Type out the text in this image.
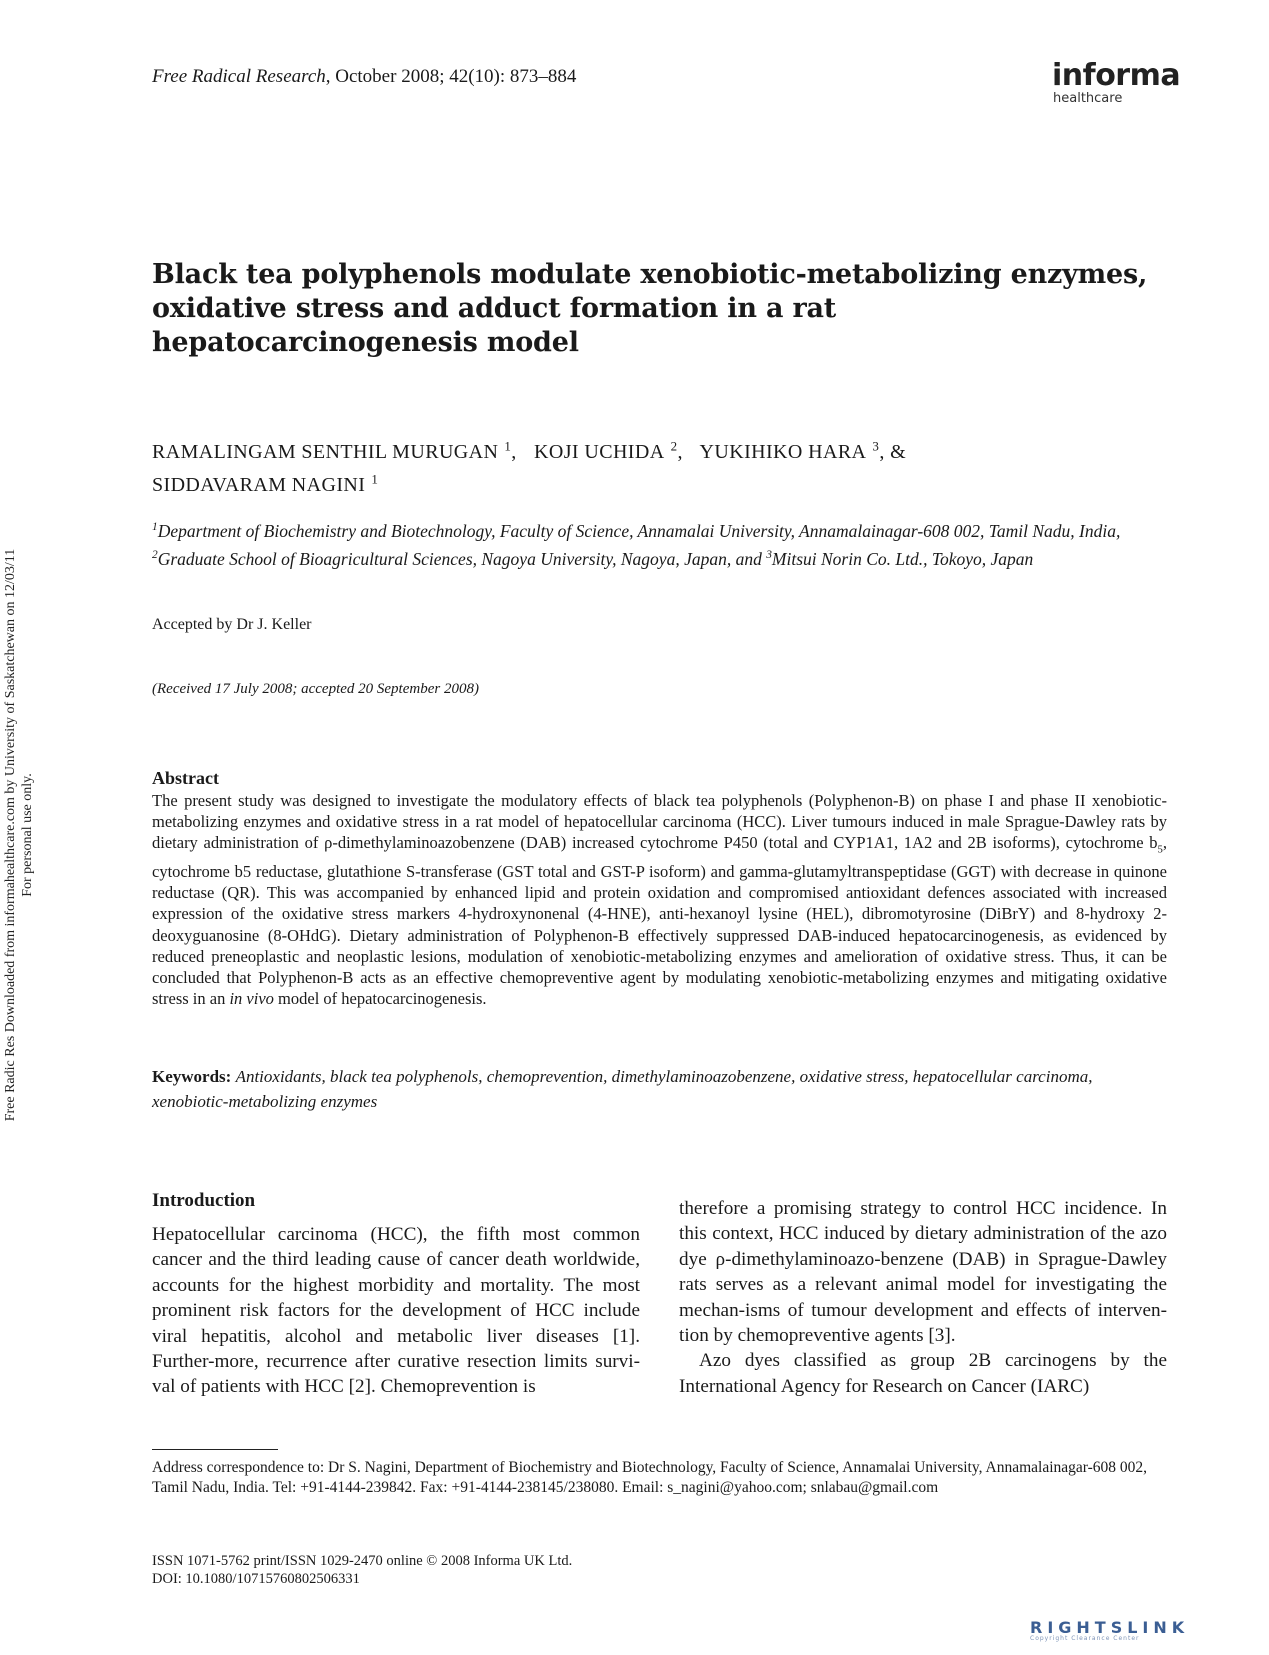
Free Radical Research, October 2008; 42(10): 873–884	informa
healthcare
Black tea polyphenols modulate xenobiotic-metabolizing enzymes, oxidative stress and adduct formation in a rat hepatocarcinogenesis model
RAMALINGAM SENTHIL MURUGAN $^1$, KOJI UCHIDA $^2$, YUKIHIKO HARA $^3$, &
SIDDAVARAM NAGINI $^1$
$^1$Department of Biochemistry and Biotechnology, Faculty of Science, Annamalai University, Annamalainagar-608 002, Tamil Nadu, India, $^2$Graduate School of Bioagricultural Sciences, Nagoya University, Nagoya, Japan, and $^3$Mitsui Norin Co. Ltd., Tokoyo, Japan
Accepted by Dr J. Keller
(Received 17 July 2008; accepted 20 September 2008)
Abstract
The present study was designed to investigate the modulatory effects of black tea polyphenols (Polyphenon-B) on phase I and phase II xenobiotic-metabolizing enzymes and oxidative stress in a rat model of hepatocellular carcinoma (HCC). Liver tumours induced in male Sprague-Dawley rats by dietary administration of ρ-dimethylaminoazobenzene (DAB) increased cytochrome P450 (total and CYP1A1, 1A2 and 2B isoforms), cytochrome $b_5$, cytochrome b5 reductase, glutathione S-transferase (GST total and GST-P isoform) and gamma-glutamyltranspeptidase (GGT) with decrease in quinone reductase (QR). This was accompanied by enhanced lipid and protein oxidation and compromised antioxidant defences associated with increased expression of the oxidative stress markers 4-hydroxynonenal (4-HNE), anti-hexanoyl lysine (HEL), dibromotyrosine (DiBrY) and 8-hydroxy 2-deoxyguanosine (8-OHdG). Dietary administration of Polyphenon-B effectively suppressed DAB-induced hepatocarcinogenesis, as evidenced by reduced preneoplastic and neoplastic lesions, modulation of xenobiotic-metabolizing enzymes and amelioration of oxidative stress. Thus, it can be concluded that Polyphenon-B acts as an effective chemopreventive agent by modulating xenobiotic-metabolizing enzymes and mitigating oxidative stress in an in vivo model of hepatocarcinogenesis.
Keywords: Antioxidants, black tea polyphenols, chemoprevention, dimethylaminoazobenzene, oxidative stress, hepatocellular carcinoma, xenobiotic-metabolizing enzymes
Introduction

Hepatocellular carcinoma (HCC), the fifth most common cancer and the third leading cause of cancer death worldwide, accounts for the highest morbidity and mortality. The most prominent risk factors for the development of HCC include viral hepatitis, alcohol and metabolic liver diseases [1]. Further-more, recurrence after curative resection limits survi-val of patients with HCC [2]. Chemoprevention is

therefore a promising strategy to control HCC incidence. In this context, HCC induced by dietary administration of the azo dye ρ-dimethylaminoazo-benzene (DAB) in Sprague-Dawley rats serves as a relevant animal model for investigating the mechan-isms of tumour development and effects of interven-tion by chemopreventive agents [3].

Azo dyes classified as group 2B carcinogens by the International Agency for Research on Cancer (IARC)

Address correspondence to: Dr S. Nagini, Department of Biochemistry and Biotechnology, Faculty of Science, Annamalai University, Annamalainagar-608 002, Tamil Nadu, India. Tel: +91-4144-239842. Fax: +91-4144-238145/238080. Email: s_nagini@yahoo.com; snlabau@gmail.com
ISSN 1071-5762 print/ISSN 1029-2470 online © 2008 Informa UK Ltd.
DOI: 10.1080/10715760802506331
Free Radic Res Downloaded from informahealthcare.com by University of Saskatchewan on 12/03/11 For personal use only.
RIGHTSLINK
Copyright Clearance Center
